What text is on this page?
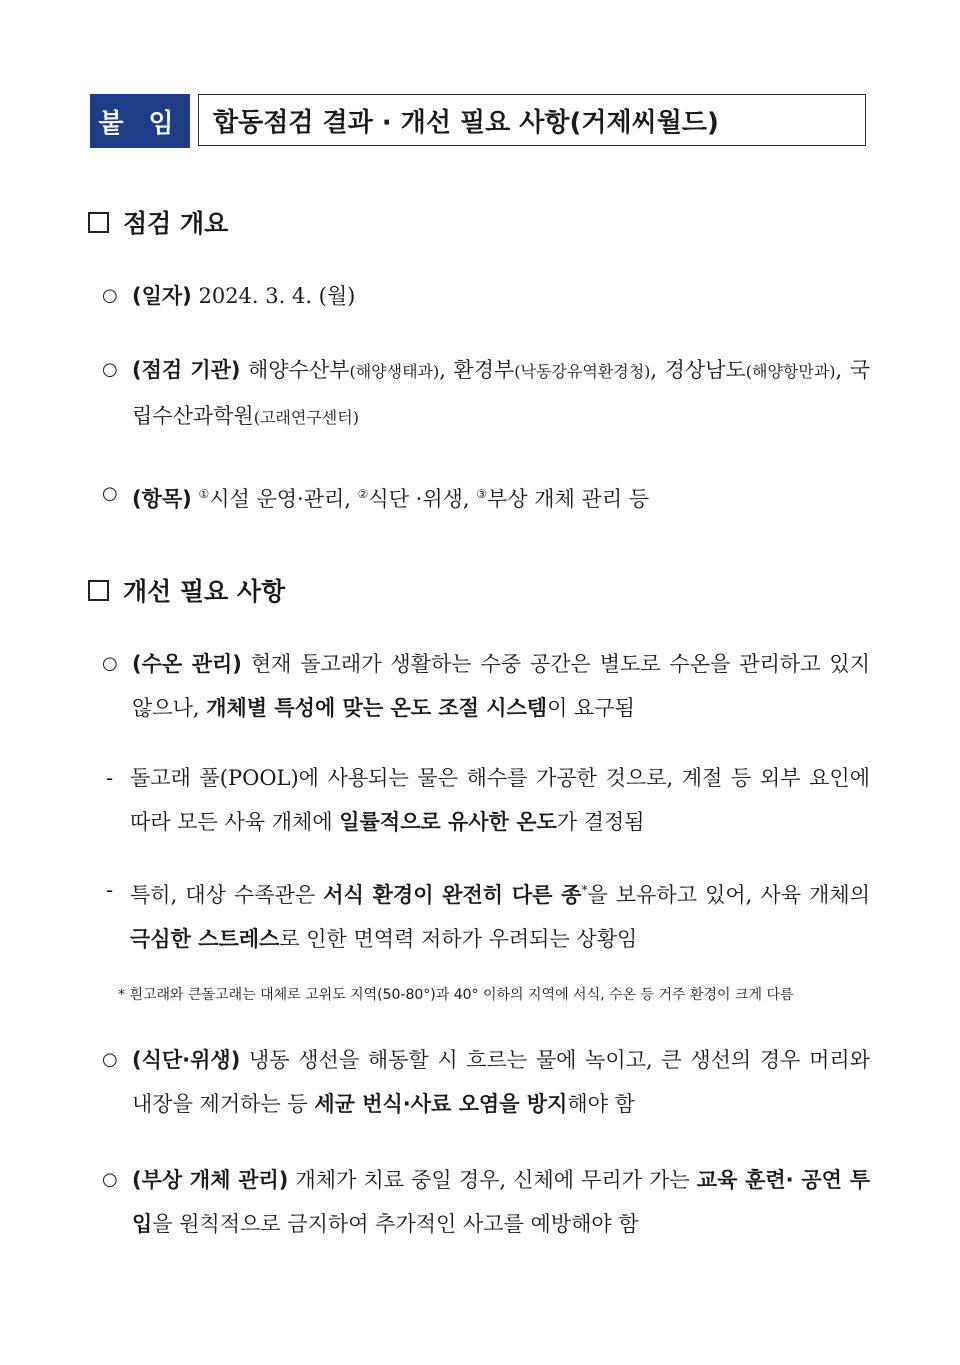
붙 임	합동점검 결과 · 개선 필요 사항(거제씨월드)
점검 개요
○ (일자) 2024. 3. 4. (월)
○ (점검 기관) 해양수산부(해양생태과), 환경부(낙동강유역환경청), 경상남도(해양항만과), 국립수산과학원(고래연구센터)
○ (항목) ①시설 운영·관리, ②식단 ·위생, ③부상 개체 관리 등
개선 필요 사항
○ (수온 관리) 현재 돌고래가 생활하는 수중 공간은 별도로 수온을 관리하고 있지 않으나, 개체별 특성에 맞는 온도 조절 시스템이 요구됨
- 돌고래 풀(POOL)에 사용되는 물은 해수를 가공한 것으로, 계절 등 외부 요인에 따라 모든 사육 개체에 일률적으로 유사한 온도가 결정됨
- 특히, 대상 수족관은 서식 환경이 완전히 다른 종*을 보유하고 있어, 사육 개체의 극심한 스트레스로 인한 면역력 저하가 우려되는 상황임
* 흰고래와 큰돌고래는 대체로 고위도 지역(50-80°)과 40° 이하의 지역에 서식, 수온 등 거주 환경이 크게 다름
○ (식단·위생) 냉동 생선을 해동할 시 흐르는 물에 녹이고, 큰 생선의 경우 머리와 내장을 제거하는 등 세균 번식·사료 오염을 방지해야 함
○ (부상 개체 관리) 개체가 치료 중일 경우, 신체에 무리가 가는 교육 훈련· 공연 투입을 원칙적으로 금지하여 추가적인 사고를 예방해야 함
